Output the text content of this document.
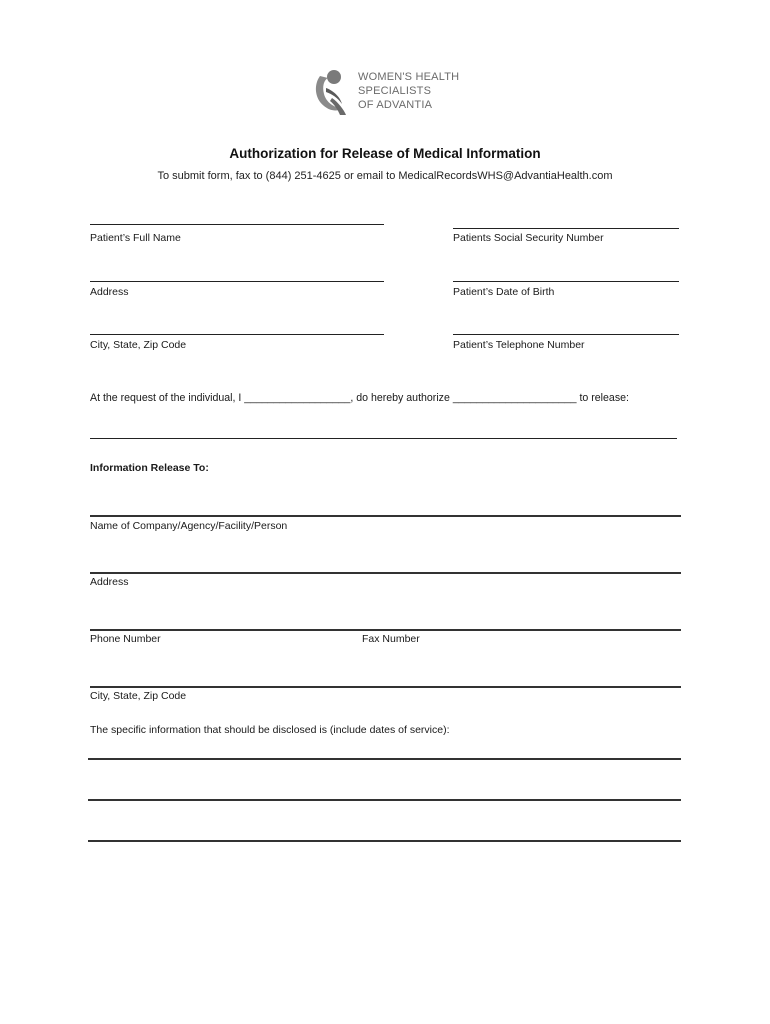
WOMEN'S HEALTH
SPECIALISTS
OF ADVANTIA
Authorization for Release of Medical Information
To submit form, fax to (844) 251-4625 or email to MedicalRecordsWHS@AdvantiaHealth.com
Patient’s Full Name	Patients Social Security Number
Address	Patient’s Date of Birth
City, State, Zip Code	Patient’s Telephone Number
At the request of the individual, I __________________, do hereby authorize _____________________ to release:
Information Release To:
Name of Company/Agency/Facility/Person
Address
Phone Number	Fax Number
City, State, Zip Code
The specific information that should be disclosed is (include dates of service):
